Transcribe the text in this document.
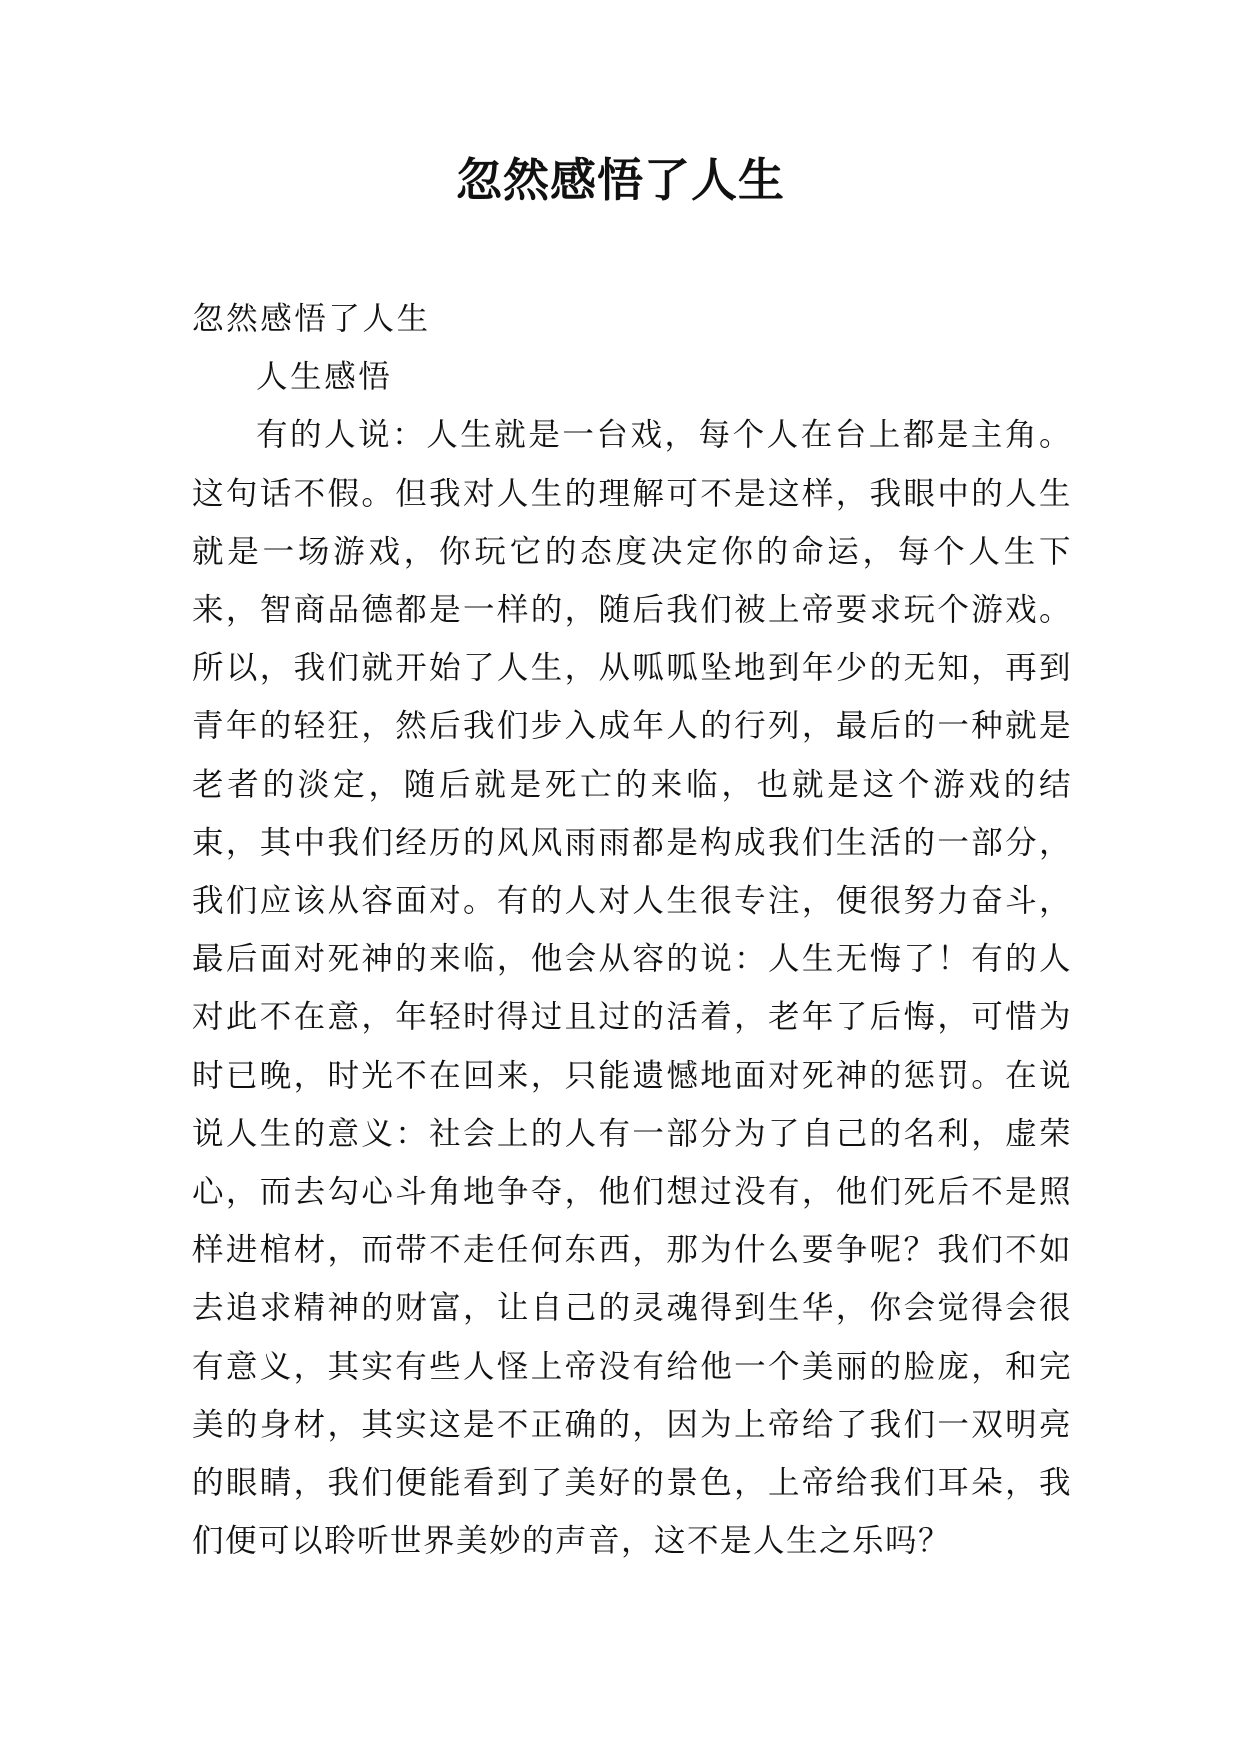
忽然感悟了人生

忽然感悟了人生

人生感悟

有的人说：人生就是一台戏，每个人在台上都是主角。这句话不假。但我对人生的理解可不是这样，我眼中的人生就是一场游戏，你玩它的态度决定你的命运，每个人生下来，智商品德都是一样的，随后我们被上帝要求玩个游戏。所以，我们就开始了人生，从呱呱坠地到年少的无知，再到青年的轻狂，然后我们步入成年人的行列，最后的一种就是老者的淡定，随后就是死亡的来临，也就是这个游戏的结束，其中我们经历的风风雨雨都是构成我们生活的一部分，我们应该从容面对。有的人对人生很专注，便很努力奋斗，最后面对死神的来临，他会从容的说：人生无悔了！有的人对此不在意，年轻时得过且过的活着，老年了后悔，可惜为时已晚，时光不在回来，只能遗憾地面对死神的惩罚。在说说人生的意义：社会上的人有一部分为了自己的名利，虚荣心，而去勾心斗角地争夺，他们想过没有，他们死后不是照样进棺材，而带不走任何东西，那为什么要争呢？我们不如去追求精神的财富，让自己的灵魂得到生华，你会觉得会很有意义，其实有些人怪上帝没有给他一个美丽的脸庞，和完美的身材，其实这是不正确的，因为上帝给了我们一双明亮的眼睛，我们便能看到了美好的景色，上帝给我们耳朵，我们便可以聆听世界美妙的声音，这不是人生之乐吗？
